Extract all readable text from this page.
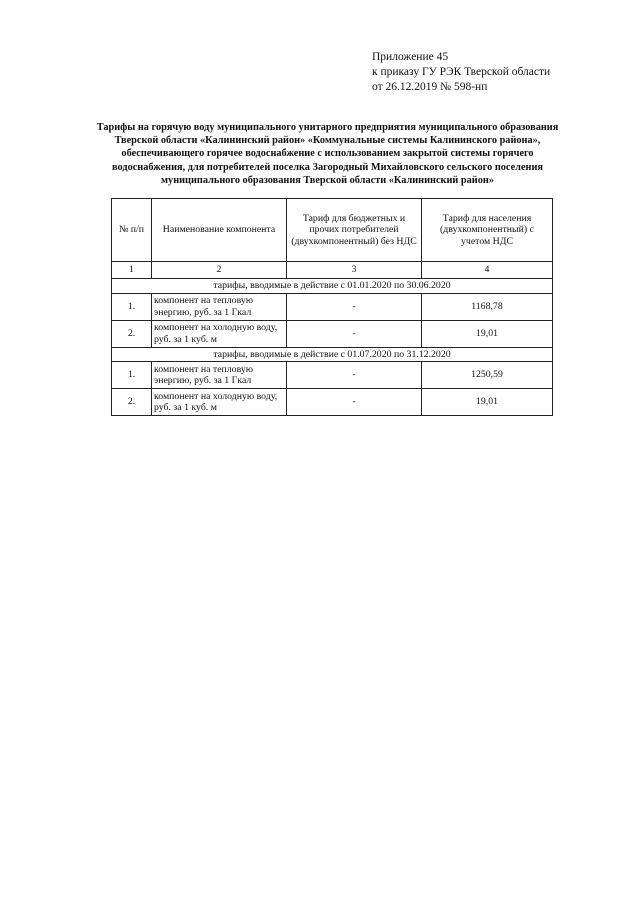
Приложение 45
к приказу ГУ РЭК Тверской области
от 26.12.2019 № 598-нп
Тарифы на горячую воду муниципального унитарного предприятия муниципального образования
Тверской области «Калининский район» «Коммунальные системы Калининского района»,
обеспечивающего горячее водоснабжение с использованием закрытой системы горячего
водоснабжения, для потребителей поселка Загородный Михайловского сельского поселения
муниципального образования Тверской области «Калининский район»
№ п/п	Наименование компонента	Тариф для бюджетных и прочих потребителей (двухкомпонентный) без НДС	Тариф для населения (двухкомпонентный) с учетом НДС
1	2	3	4
тарифы, вводимые в действие с 01.01.2020 по 30.06.2020			
1.	компонент на тепловую энергию, руб. за 1 Гкал	-	1168,78
2.	компонент на холодную воду, руб. за 1 куб. м	-	19,01
тарифы, вводимые в действие с 01.07.2020 по 31.12.2020			
1.	компонент на тепловую энергию, руб. за 1 Гкал	-	1250,59
2.	компонент на холодную воду, руб. за 1 куб. м	-	19,01
